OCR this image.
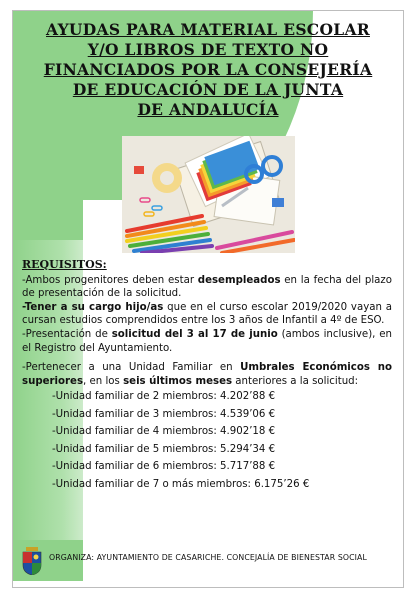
AYUDAS PARA MATERIAL ESCOLAR
Y/O LIBROS DE TEXTO NO
FINANCIADOS POR LA CONSEJERÍA
DE EDUCACIÓN DE LA JUNTA
DE ANDALUCÍA
REQUISITOS:

-Ambos progenitores deben estar desempleados en la fecha del plazo de presentación de la solicitud.

-Tener a su cargo hijo/as que en el curso escolar 2019/2020 vayan a cursan estudios comprendidos entre los 3 años de Infantil a 4º de ESO.

-Presentación de solicitud del 3 al 17 de junio (ambos inclusive), en el Registro del Ayuntamiento.

-Pertenecer a una Unidad Familiar en Umbrales Económicos no superiores, en los seis últimos meses anteriores a la solicitud:

-Unidad familiar de 2 miembros: 4.202’88 €
-Unidad familiar de 3 miembros: 4.539’06 €
-Unidad familiar de 4 miembros: 4.902’18 €
-Unidad familiar de 5 miembros: 5.294’34 €
-Unidad familiar de 6 miembros: 5.717’88 €
-Unidad familiar de 7 o más miembros: 6.175’26 €
ORGANIZA: AYUNTAMIENTO DE CASARICHE. CONCEJALÍA DE BIENESTAR SOCIAL
